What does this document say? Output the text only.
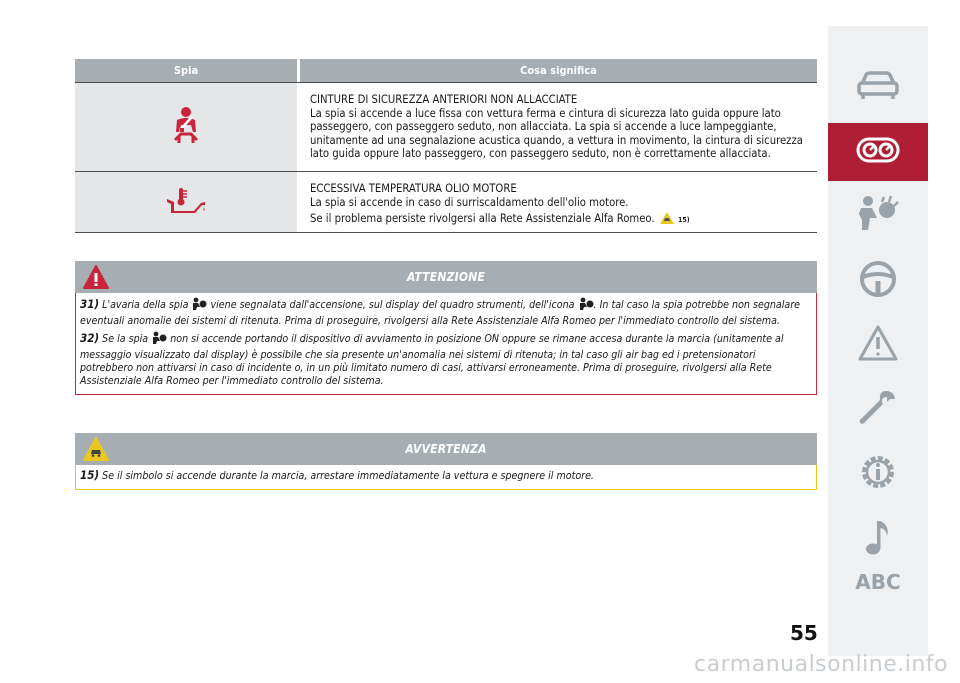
Spia	Cosa significa
CINTURE DI SICUREZZA ANTERIORI NON ALLACCIATE
La spia si accende a luce fissa con vettura ferma e cintura di sicurezza lato guida oppure lato passeggero, con passeggero seduto, non allacciata. La spia si accende a luce lampeggiante, unitamente ad una segnalazione acustica quando, a vettura in movimento, la cintura di sicurezza lato guida oppure lato passeggero, con passeggero seduto, non è correttamente allacciata.
ECCESSIVA TEMPERATURA OLIO MOTORE
La spia si accende in caso di surriscaldamento dell'olio motore.
Se il problema persiste rivolgersi alla Rete Assistenziale Alfa Romeo.	15)
ATTENZIONE

31) L'avaria della spia viene segnalata dall'accensione, sul display del quadro strumenti, dell'icona . In tal caso la spia potrebbe non segnalare eventuali anomalie dei sistemi di ritenuta. Prima di proseguire, rivolgersi alla Rete Assistenziale Alfa Romeo per l'immediato controllo del sistema.

32) Se la spia non si accende portando il dispositivo di avviamento in posizione ON oppure se rimane accesa durante la marcia (unitamente al messaggio visualizzato dal display) è possibile che sia presente un'anomalia nei sistemi di ritenuta; in tal caso gli air bag ed i pretensionatori potrebbero non attivarsi in caso di incidente o, in un più limitato numero di casi, attivarsi erroneamente. Prima di proseguire, rivolgersi alla Rete Assistenziale Alfa Romeo per l'immediato controllo del sistema.

AVVERTENZA

15) Se il simbolo si accende durante la marcia, arrestare immediatamente la vettura e spegnere il motore.

ABC
55
carmanualsonline.info
